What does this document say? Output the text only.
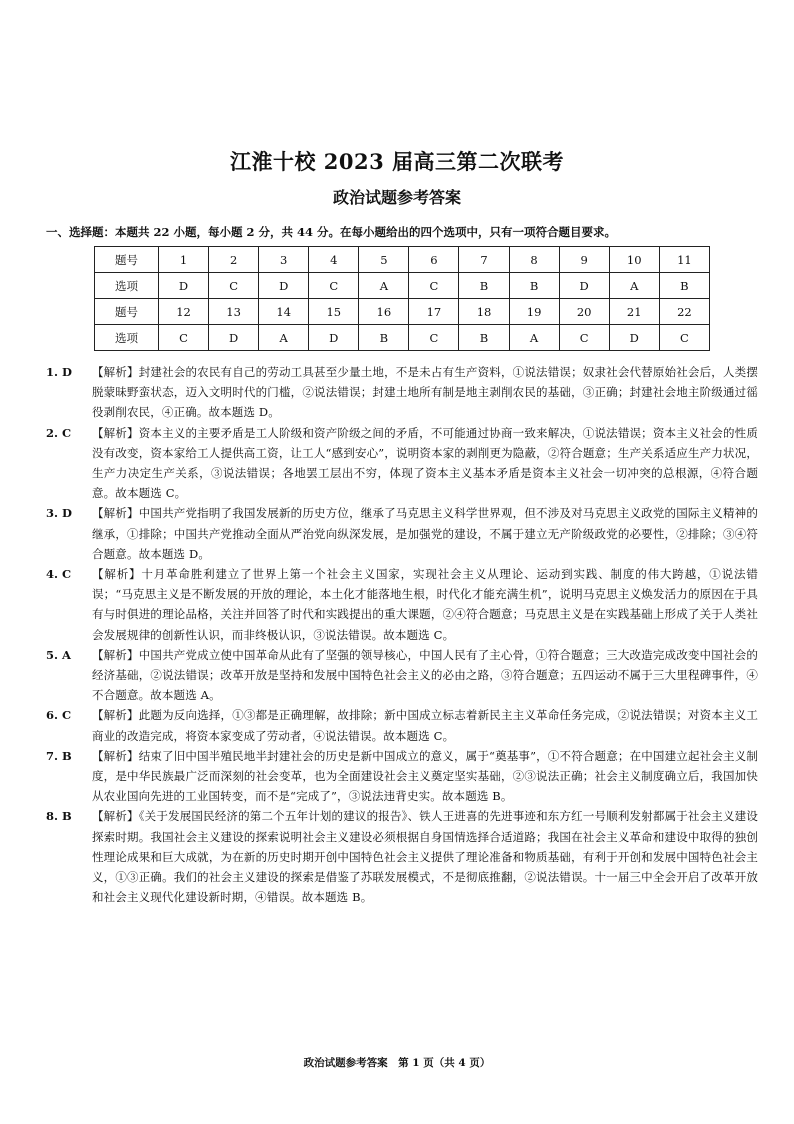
江淮十校 2023 届高三第二次联考
政治试题参考答案
一、选择题：本题共 22 小题，每小题 2 分，共 44 分。在每小题给出的四个选项中，只有一项符合题目要求。
题号	1	2	3	4	5	6	7	8	9	10	11
选项	D	C	D	C	A	C	B	B	D	A	B
题号	12	13	14	15	16	17	18	19	20	21	22
选项	C	D	A	D	B	C	B	A	C	D	C
1. D 【解析】封建社会的农民有自己的劳动工具甚至少量土地，不是未占有生产资料，①说法错误；奴隶社会代替原始社会后，人类摆脱蒙昧野蛮状态，迈入文明时代的门槛，②说法错误；封建土地所有制是地主剥削农民的基础，③正确；封建社会地主阶级通过徭役剥削农民，④正确。故本题选 D。
2. C 【解析】资本主义的主要矛盾是工人阶级和资产阶级之间的矛盾，不可能通过协商一致来解决，①说法错误；资本主义社会的性质没有改变，资本家给工人提供高工资，让工人“感到安心”，说明资本家的剥削更为隐蔽，②符合题意；生产关系适应生产力状况，生产力决定生产关系，③说法错误；各地罢工层出不穷，体现了资本主义基本矛盾是资本主义社会一切冲突的总根源，④符合题意。故本题选 C。
3. D 【解析】中国共产党指明了我国发展新的历史方位，继承了马克思主义科学世界观，但不涉及对马克思主义政党的国际主义精神的继承，①排除；中国共产党推动全面从严治党向纵深发展，是加强党的建设，不属于建立无产阶级政党的必要性，②排除；③④符合题意。故本题选 D。
4. C 【解析】十月革命胜利建立了世界上第一个社会主义国家，实现社会主义从理论、运动到实践、制度的伟大跨越，①说法错误；“马克思主义是不断发展的开放的理论，本土化才能落地生根，时代化才能充满生机”，说明马克思主义焕发活力的原因在于具有与时俱进的理论品格，关注并回答了时代和实践提出的重大课题，②④符合题意；马克思主义是在实践基础上形成了关于人类社会发展规律的创新性认识，而非终极认识，③说法错误。故本题选 C。
5. A 【解析】中国共产党成立使中国革命从此有了坚强的领导核心，中国人民有了主心骨，①符合题意；三大改造完成改变中国社会的经济基础，②说法错误；改革开放是坚持和发展中国特色社会主义的必由之路，③符合题意；五四运动不属于三大里程碑事件，④不合题意。故本题选 A。
6. C 【解析】此题为反向选择，①③都是正确理解，故排除；新中国成立标志着新民主主义革命任务完成，②说法错误；对资本主义工商业的改造完成，将资本家变成了劳动者，④说法错误。故本题选 C。
7. B 【解析】结束了旧中国半殖民地半封建社会的历史是新中国成立的意义，属于“奠基事”，①不符合题意；在中国建立起社会主义制度，是中华民族最广泛而深刻的社会变革，也为全面建设社会主义奠定坚实基础，②③说法正确；社会主义制度确立后，我国加快从农业国向先进的工业国转变，而不是“完成了”，③说法违背史实。故本题选 B。
8. B 【解析】《关于发展国民经济的第二个五年计划的建议的报告》、铁人王进喜的先进事迹和东方红一号顺利发射都属于社会主义建设探索时期。我国社会主义建设的探索说明社会主义建设必须根据自身国情选择合适道路；我国在社会主义革命和建设中取得的独创性理论成果和巨大成就，为在新的历史时期开创中国特色社会主义提供了理论准备和物质基础，有利于开创和发展中国特色社会主义，①③正确。我们的社会主义建设的探索是借鉴了苏联发展模式，不是彻底推翻，②说法错误。十一届三中全会开启了改革开放和社会主义现代化建设新时期，④错误。故本题选 B。
政治试题参考答案　第 1 页（共 4 页）
